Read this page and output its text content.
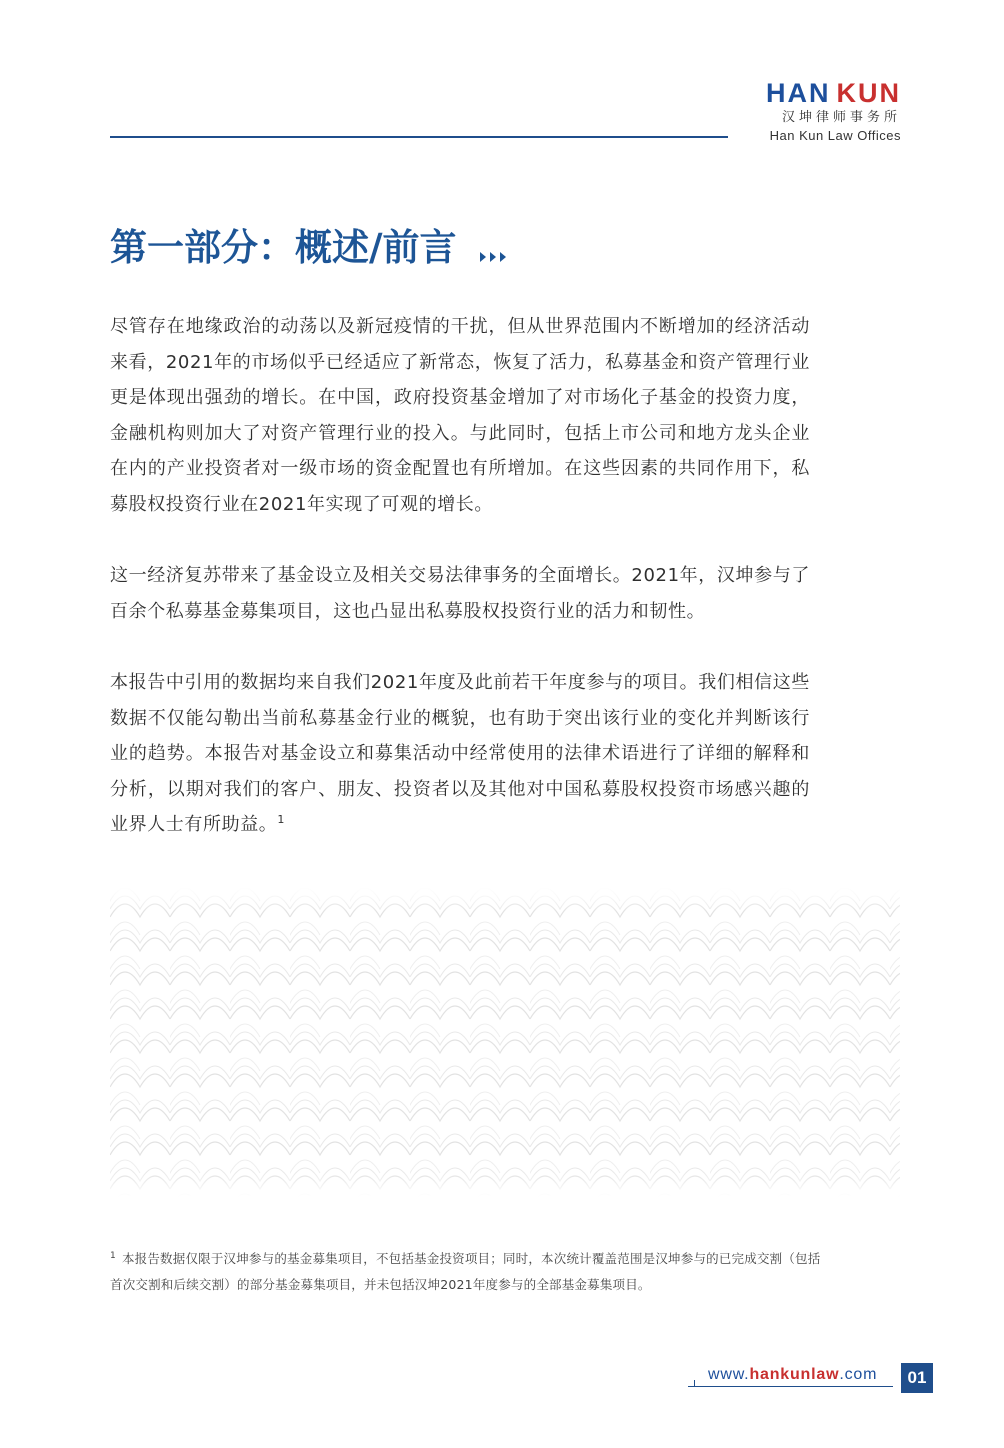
HAN KUN
汉坤律师事务所
Han Kun Law Offices
第一部分：概述/前言

尽管存在地缘政治的动荡以及新冠疫情的干扰，但从世界范围内不断增加的经济活动来看，2021年的市场似乎已经适应了新常态，恢复了活力，私募基金和资产管理行业更是体现出强劲的增长。在中国，政府投资基金增加了对市场化子基金的投资力度，金融机构则加大了对资产管理行业的投入。与此同时，包括上市公司和地方龙头企业在内的产业投资者对一级市场的资金配置也有所增加。在这些因素的共同作用下，私募股权投资行业在2021年实现了可观的增长。

这一经济复苏带来了基金设立及相关交易法律事务的全面增长。2021年，汉坤参与了百余个私募基金募集项目，这也凸显出私募股权投资行业的活力和韧性。

本报告中引用的数据均来自我们2021年度及此前若干年度参与的项目。我们相信这些数据不仅能勾勒出当前私募基金行业的概貌，也有助于突出该行业的变化并判断该行业的趋势。本报告对基金设立和募集活动中经常使用的法律术语进行了详细的解释和分析，以期对我们的客户、朋友、投资者以及其他对中国私募股权投资市场感兴趣的业界人士有所助益。$^1$

$^1$ 本报告数据仅限于汉坤参与的基金募集项目，不包括基金投资项目；同时，本次统计覆盖范围是汉坤参与的已完成交割（包括首次交割和后续交割）的部分基金募集项目，并未包括汉坤2021年度参与的全部基金募集项目。
www.hankunlaw.com	01
